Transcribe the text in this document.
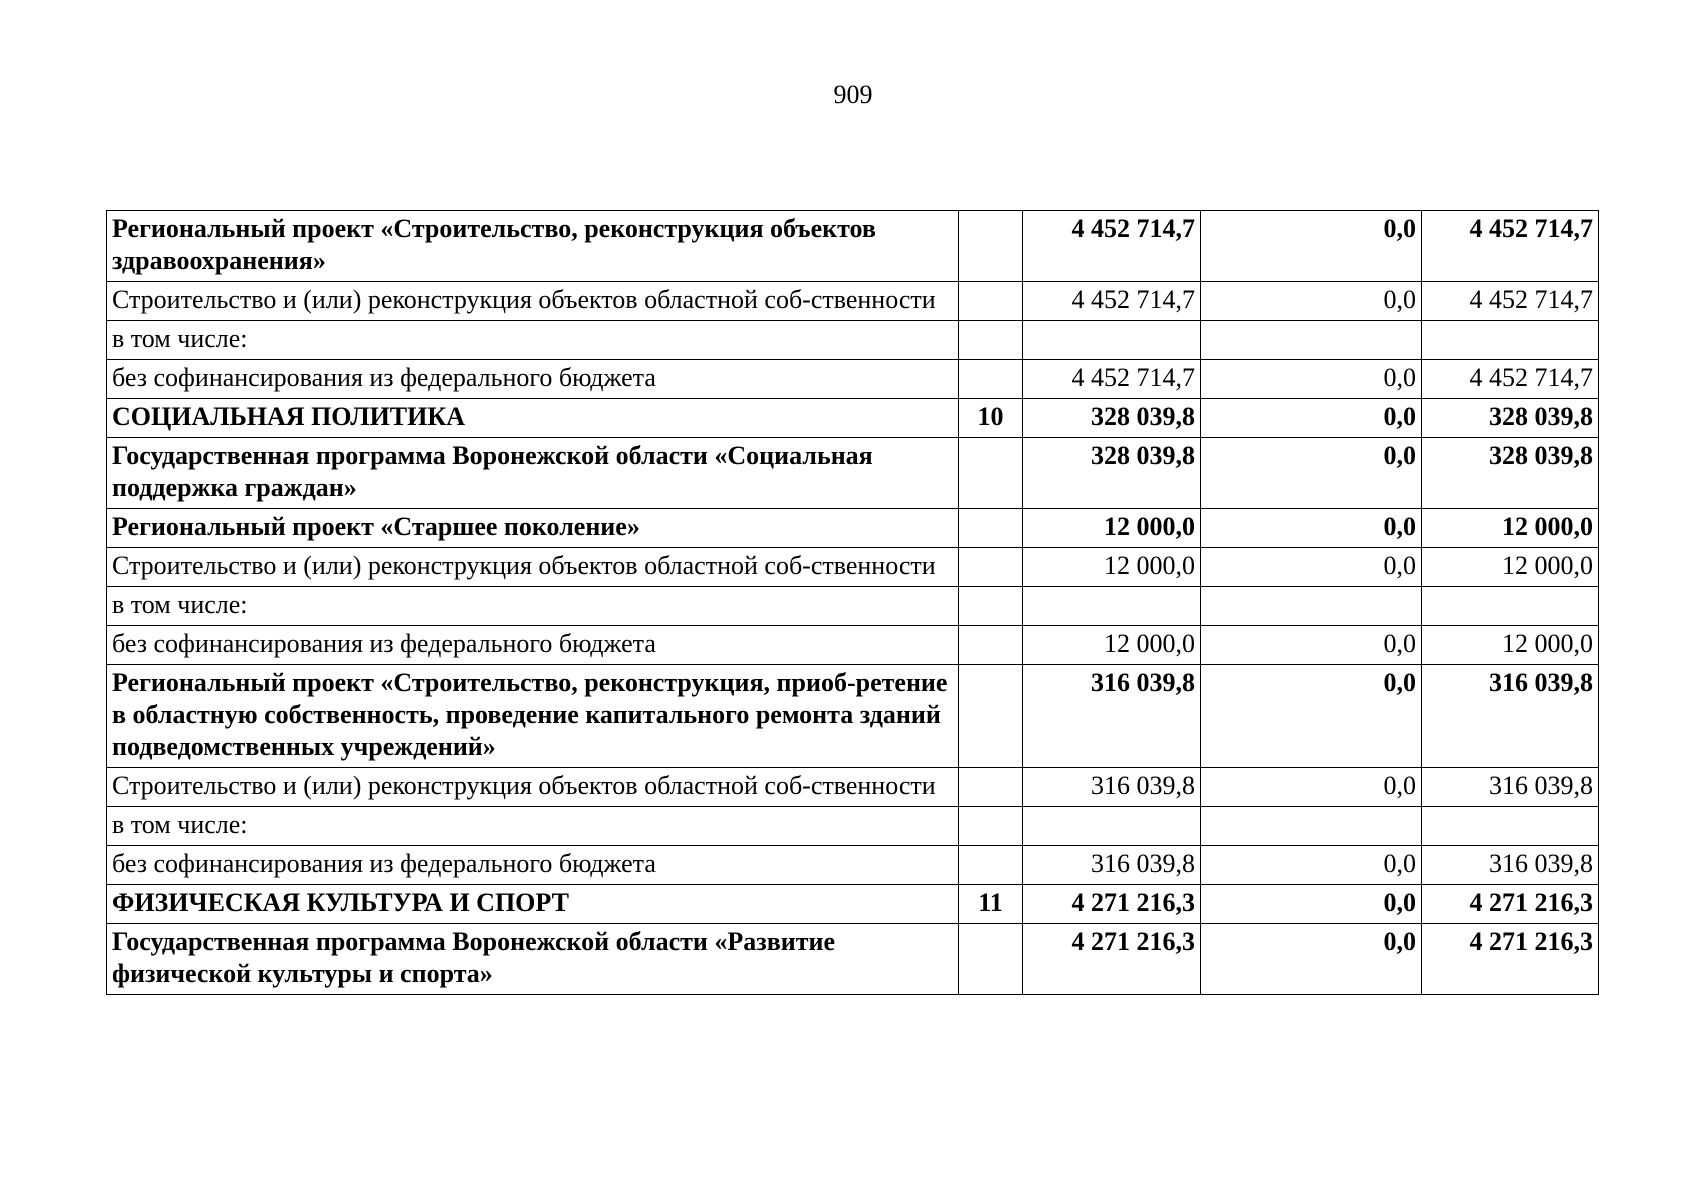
909
Региональный проект «Строительство, реконструкция объектов здравоохранения»		4 452 714,7	0,0	4 452 714,7
Строительство и (или) реконструкция объектов областной соб-ственности		4 452 714,7	0,0	4 452 714,7
в том числе:				
без софинансирования из федерального бюджета		4 452 714,7	0,0	4 452 714,7
СОЦИАЛЬНАЯ ПОЛИТИКА	10	328 039,8	0,0	328 039,8
Государственная программа Воронежской области «Социальная поддержка граждан»		328 039,8	0,0	328 039,8
Региональный проект «Старшее поколение»		12 000,0	0,0	12 000,0
Строительство и (или) реконструкция объектов областной соб-ственности		12 000,0	0,0	12 000,0
в том числе:				
без софинансирования из федерального бюджета		12 000,0	0,0	12 000,0
Региональный проект «Строительство, реконструкция, приоб-ретение в областную собственность, проведение капитального ремонта зданий подведомственных учреждений»		316 039,8	0,0	316 039,8
Строительство и (или) реконструкция объектов областной соб-ственности		316 039,8	0,0	316 039,8
в том числе:				
без софинансирования из федерального бюджета		316 039,8	0,0	316 039,8
ФИЗИЧЕСКАЯ КУЛЬТУРА И СПОРТ	11	4 271 216,3	0,0	4 271 216,3
Государственная программа Воронежской области «Развитие физической культуры и спорта»		4 271 216,3	0,0	4 271 216,3
